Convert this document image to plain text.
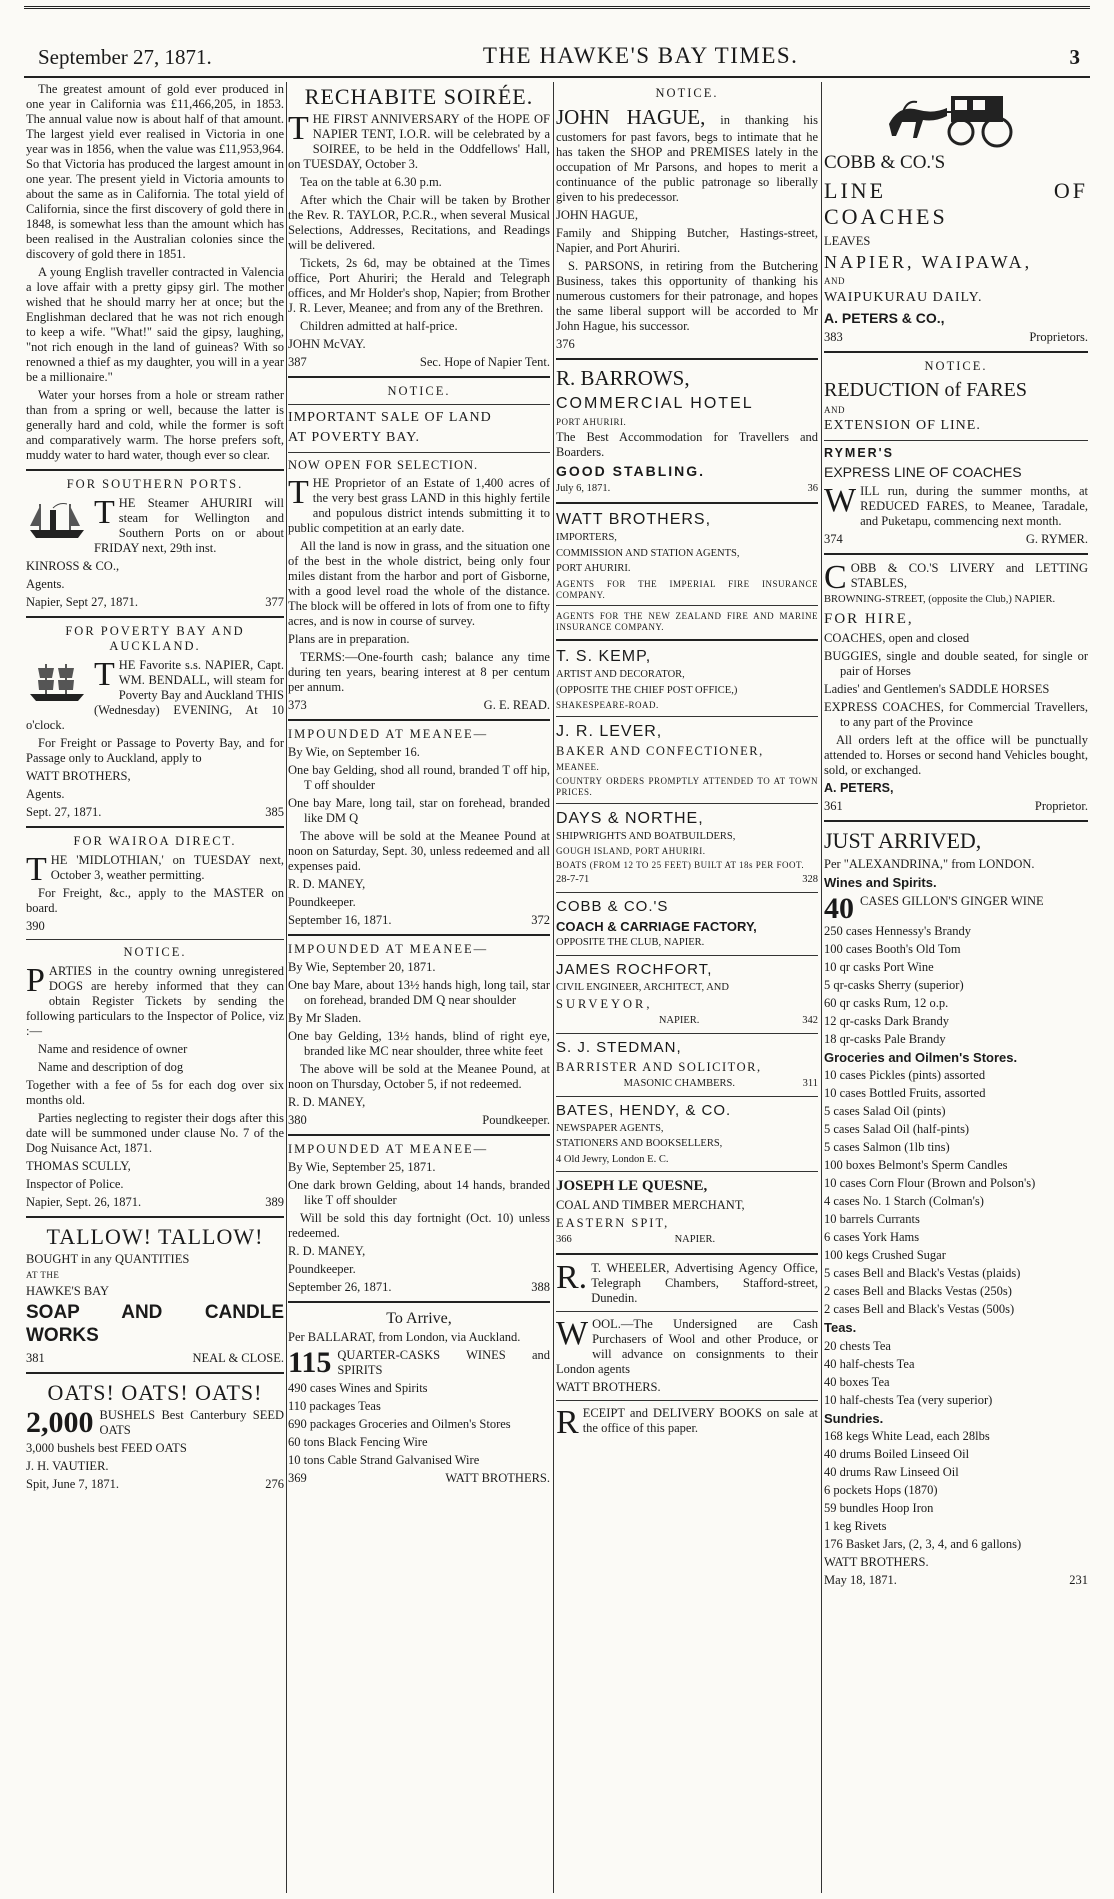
September 27, 1871.	THE HAWKE'S BAY TIMES.	3

The greatest amount of gold ever produced in one year in California was £11,466,205, in 1853. The annual value now is about half of that amount. The largest yield ever realised in Victoria in one year was in 1856, when the value was £11,953,964. So that Victoria has produced the largest amount in one year. The present yield in Victoria amounts to about the same as in California. The total yield of California, since the first discovery of gold there in 1848, is somewhat less than the amount which has been realised in the Australian colonies since the discovery of gold there in 1851.

A young English traveller contracted in Valencia a love affair with a pretty gipsy girl. The mother wished that he should marry her at once; but the Englishman declared that he was not rich enough to keep a wife. "What!" said the gipsy, laughing, "not rich enough in the land of guineas? With so renowned a thief as my daughter, you will in a year be a millionaire."

Water your horses from a hole or stream rather than from a spring or well, because the latter is generally hard and cold, while the former is soft and comparatively warm. The horse prefers soft, muddy water to hard water, though ever so clear.

FOR SOUTHERN PORTS.

THE Steamer AHURIRI will steam for Wellington and Southern Ports on or about FRIDAY next, 29th inst.

KINROSS & CO.,

Agents.

Napier, Sept 27, 1871.	377
FOR POVERTY BAY AND AUCKLAND.

THE Favorite s.s. NAPIER, Capt. WM. BENDALL, will steam for Poverty Bay and Auckland THIS (Wednesday) EVENING, At 10 o'clock.

For Freight or Passage to Poverty Bay, and for Passage only to Auckland, apply to

WATT BROTHERS,

Agents.

Sept. 27, 1871.	385
FOR WAIROA DIRECT.

THE 'MIDLOTHIAN,' on TUESDAY next, October 3, weather permitting.

For Freight, &c., apply to the MASTER on board.

390

NOTICE.

PARTIES in the country owning unregistered DOGS are hereby informed that they can obtain Register Tickets by sending the following particulars to the Inspector of Police, viz :—

Name and residence of owner

Name and description of dog

Together with a fee of 5s for each dog over six months old.

Parties neglecting to register their dogs after this date will be summoned under clause No. 7 of the Dog Nuisance Act, 1871.

THOMAS SCULLY,

Inspector of Police.

Napier, Sept. 26, 1871.	389
TALLOW! TALLOW!

BOUGHT in any QUANTITIES

AT THE

HAWKE'S BAY

SOAP AND CANDLE WORKS

381	NEAL & CLOSE.
OATS! OATS! OATS!

2,000 BUSHELS Best Canterbury SEED OATS

3,000 bushels best FEED OATS

J. H. VAUTIER.

Spit, June 7, 1871.	276
RECHABITE SOIRÉE.

THE FIRST ANNIVERSARY of the HOPE OF NAPIER TENT, I.O.R. will be celebrated by a SOIREE, to be held in the Oddfellows' Hall, on TUESDAY, October 3.

Tea on the table at 6.30 p.m.

After which the Chair will be taken by Brother the Rev. R. TAYLOR, P.C.R., when several Musical Selections, Addresses, Recitations, and Readings will be delivered.

Tickets, 2s 6d, may be obtained at the Times office, Port Ahuriri; the Herald and Telegraph offices, and Mr Holder's shop, Napier; from Brother J. R. Lever, Meanee; and from any of the Brethren.

Children admitted at half-price.

JOHN McVAY.

387	Sec. Hope of Napier Tent.
NOTICE.

IMPORTANT SALE OF LAND

AT POVERTY BAY.

NOW OPEN FOR SELECTION.

THE Proprietor of an Estate of 1,400 acres of the very best grass LAND in this highly fertile and populous district intends submitting it to public competition at an early date.

All the land is now in grass, and the situation one of the best in the whole district, being only four miles distant from the harbor and port of Gisborne, with a good level road the whole of the distance. The block will be offered in lots of from one to fifty acres, and is now in course of survey.

Plans are in preparation.

TERMS:—One-fourth cash; balance any time during ten years, bearing interest at 8 per centum per annum.

373	G. E. READ.

IMPOUNDED AT MEANEE—

By Wie, on September 16.

One bay Gelding, shod all round, branded T off hip, T off shoulder

One bay Mare, long tail, star on forehead, branded like DM Q

The above will be sold at the Meanee Pound at noon on Saturday, Sept. 30, unless redeemed and all expenses paid.

R. D. MANEY,

Poundkeeper.

September 16, 1871.	372

IMPOUNDED AT MEANEE—

By Wie, September 20, 1871.

One bay Mare, about 13½ hands high, long tail, star on forehead, branded DM Q near shoulder

By Mr Sladen.

One bay Gelding, 13½ hands, blind of right eye, branded like MC near shoulder, three white feet

The above will be sold at the Meanee Pound, at noon on Thursday, October 5, if not redeemed.

R. D. MANEY,

380	Poundkeeper.

IMPOUNDED AT MEANEE—

By Wie, September 25, 1871.

One dark brown Gelding, about 14 hands, branded like T off shoulder

Will be sold this day fortnight (Oct. 10) unless redeemed.

R. D. MANEY,

Poundkeeper.

September 26, 1871.	388
To Arrive,

Per BALLARAT, from London, via Auckland.

115 QUARTER-CASKS WINES and SPIRITS

490 cases Wines and Spirits

110 packages Teas

690 packages Groceries and Oilmen's Stores

60 tons Black Fencing Wire

10 tons Cable Strand Galvanised Wire

369	WATT BROTHERS.
NOTICE.

JOHN HAGUE, in thanking his customers for past favors, begs to intimate that he has taken the SHOP and PREMISES lately in the occupation of Mr Parsons, and hopes to merit a continuance of the public patronage so liberally given to his predecessor.

JOHN HAGUE,

Family and Shipping Butcher, Hastings-street, Napier, and Port Ahuriri.

S. PARSONS, in retiring from the Butchering Business, takes this opportunity of thanking his numerous customers for their patronage, and hopes the same liberal support will be accorded to Mr John Hague, his successor.

376

R. BARROWS,

COMMERCIAL HOTEL

PORT AHURIRI.

The Best Accommodation for Travellers and Boarders.

GOOD STABLING.

July 6, 1871.	36

WATT BROTHERS,

IMPORTERS,

COMMISSION AND STATION AGENTS,

PORT AHURIRI.

AGENTS FOR THE IMPERIAL FIRE INSURANCE COMPANY.

AGENTS FOR THE NEW ZEALAND FIRE AND MARINE INSURANCE COMPANY.

T. S. KEMP,

ARTIST AND DECORATOR,

(OPPOSITE THE CHIEF POST OFFICE,)

SHAKESPEARE-ROAD.

J. R. LEVER,

BAKER AND CONFECTIONER,

MEANEE.

COUNTRY ORDERS PROMPTLY ATTENDED TO AT TOWN PRICES.

DAYS & NORTHE,

SHIPWRIGHTS AND BOATBUILDERS,

GOUGH ISLAND, PORT AHURIRI.

BOATS (FROM 12 TO 25 FEET) BUILT AT 18s PER FOOT.

28-7-71	328

COBB & CO.'S

COACH & CARRIAGE FACTORY,

OPPOSITE THE CLUB, NAPIER.

JAMES ROCHFORT,

CIVIL ENGINEER, ARCHITECT, AND

SURVEYOR,

NAPIER.	342

S. J. STEDMAN,

BARRISTER AND SOLICITOR,

MASONIC CHAMBERS.	311

BATES, HENDY, & CO.

NEWSPAPER AGENTS,

STATIONERS AND BOOKSELLERS,

4 Old Jewry, London E. C.

JOSEPH LE QUESNE,

COAL AND TIMBER MERCHANT,

EASTERN SPIT,

366	NAPIER.

R. T. WHEELER, Advertising Agency Office, Telegraph Chambers, Stafford-street, Dunedin.

WOOL.—The Undersigned are Cash Purchasers of Wool and other Produce, or will advance on consignments to their London agents

WATT BROTHERS.

RECEIPT and DELIVERY BOOKS on sale at the office of this paper.

COBB & CO.'S

LINE OF COACHES

LEAVES

NAPIER, WAIPAWA,

AND

WAIPUKURAU DAILY.

A. PETERS & CO.,

383	Proprietors.
NOTICE.

REDUCTION of FARES

AND

EXTENSION OF LINE.

RYMER'S

EXPRESS LINE OF COACHES

WILL run, during the summer months, at REDUCED FARES, to Meanee, Taradale, and Puketapu, commencing next month.

374	G. RYMER.

COBB & CO.'S LIVERY and LETTING STABLES,

BROWNING-STREET, (opposite the Club,) NAPIER.

FOR HIRE,

COACHES, open and closed

BUGGIES, single and double seated, for single or pair of Horses

Ladies' and Gentlemen's SADDLE HORSES

EXPRESS COACHES, for Commercial Travellers, to any part of the Province

All orders left at the office will be punctually attended to. Horses or second hand Vehicles bought, sold, or exchanged.

A. PETERS,

361	Proprietor.

JUST ARRIVED,

Per "ALEXANDRINA," from LONDON.

Wines and Spirits.

40 CASES GILLON'S GINGER WINE

250 cases Hennessy's Brandy

100 cases Booth's Old Tom

10 qr casks Port Wine

5 qr-casks Sherry (superior)

60 qr casks Rum, 12 o.p.

12 qr-casks Dark Brandy

18 qr-casks Pale Brandy

Groceries and Oilmen's Stores.

10 cases Pickles (pints) assorted

10 cases Bottled Fruits, assorted

5 cases Salad Oil (pints)

5 cases Salad Oil (half-pints)

5 cases Salmon (1lb tins)

100 boxes Belmont's Sperm Candles

10 cases Corn Flour (Brown and Polson's)

4 cases No. 1 Starch (Colman's)

10 barrels Currants

6 cases York Hams

100 kegs Crushed Sugar

5 cases Bell and Black's Vestas (plaids)

2 cases Bell and Blacks Vestas (250s)

2 cases Bell and Black's Vestas (500s)

Teas.

20 chests Tea

40 half-chests Tea

40 boxes Tea

10 half-chests Tea (very superior)

Sundries.

168 kegs White Lead, each 28lbs

40 drums Boiled Linseed Oil

40 drums Raw Linseed Oil

6 pockets Hops (1870)

59 bundles Hoop Iron

1 keg Rivets

176 Basket Jars, (2, 3, 4, and 6 gallons)

WATT BROTHERS.

May 18, 1871.	231
